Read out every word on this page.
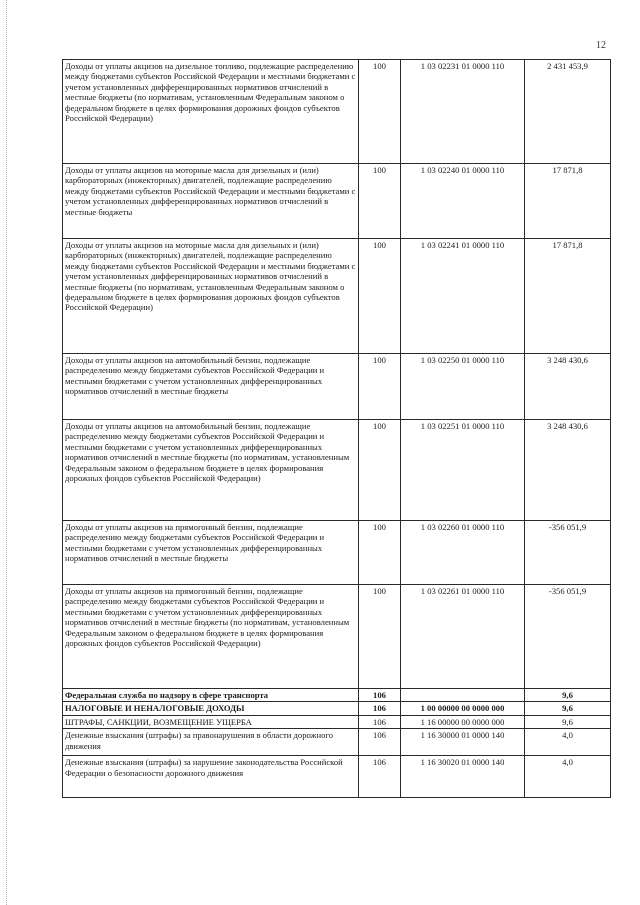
12
Доходы от уплаты акцизов на дизельное топливо, подлежащие распределению между бюджетами субъектов Российской Федерации и местными бюджетами с учетом установленных дифференцированных нормативов отчислений в местные бюджеты (по нормативам, установленным Федеральным законом о федеральном бюджете в целях формирования дорожных фондов субъектов Российской Федерации)	100	1 03 02231 01 0000 110	2 431 453,9
Доходы от уплаты акцизов на моторные масла для дизельных и (или) карбюраторных (инжекторных) двигателей, подлежащие распределению между бюджетами субъектов Российской Федерации и местными бюджетами с учетом установленных дифференцированных нормативов отчислений в местные бюджеты	100	1 03 02240 01 0000 110	17 871,8
Доходы от уплаты акцизов на моторные масла для дизельных и (или) карбюраторных (инжекторных) двигателей, подлежащие распределению между бюджетами субъектов Российской Федерации и местными бюджетами с учетом установленных дифференцированных нормативов отчислений в местные бюджеты (по нормативам, установленным Федеральным законом о федеральном бюджете в целях формирования дорожных фондов субъектов Российской Федерации)	100	1 03 02241 01 0000 110	17 871,8
Доходы от уплаты акцизов на автомобильный бензин, подлежащие распределению между бюджетами субъектов Российской Федерации и местными бюджетами с учетом установленных дифференцированных нормативов отчислений в местные бюджеты	100	1 03 02250 01 0000 110	3 248 430,6
Доходы от уплаты акцизов на автомобильный бензин, подлежащие распределению между бюджетами субъектов Российской Федерации и местными бюджетами с учетом установленных дифференцированных нормативов отчислений в местные бюджеты (по нормативам, установленным Федеральным законом о федеральном бюджете в целях формирования дорожных фондов субъектов Российской Федерации)	100	1 03 02251 01 0000 110	3 248 430,6
Доходы от уплаты акцизов на прямогонный бензин, подлежащие распределению между бюджетами субъектов Российской Федерации и местными бюджетами с учетом установленных дифференцированных нормативов отчислений в местные бюджеты	100	1 03 02260 01 0000 110	-356 051,9
Доходы от уплаты акцизов на прямогонный бензин, подлежащие распределению между бюджетами субъектов Российской Федерации и местными бюджетами с учетом установленных дифференцированных нормативов отчислений в местные бюджеты (по нормативам, установленным Федеральным законом о федеральном бюджете в целях формирования дорожных фондов субъектов Российской Федерации)	100	1 03 02261 01 0000 110	-356 051,9
Федеральная служба по надзору в сфере транспорта	106		9,6
НАЛОГОВЫЕ И НЕНАЛОГОВЫЕ ДОХОДЫ	106	1 00 00000 00 0000 000	9,6
ШТРАФЫ, САНКЦИИ, ВОЗМЕЩЕНИЕ УЩЕРБА	106	1 16 00000 00 0000 000	9,6
Денежные взыскания (штрафы) за правонарушения в области дорожного движения	106	1 16 30000 01 0000 140	4,0
Денежные взыскания (штрафы) за нарушение законодательства Российской Федерации о безопасности дорожного движения	106	1 16 30020 01 0000 140	4,0
